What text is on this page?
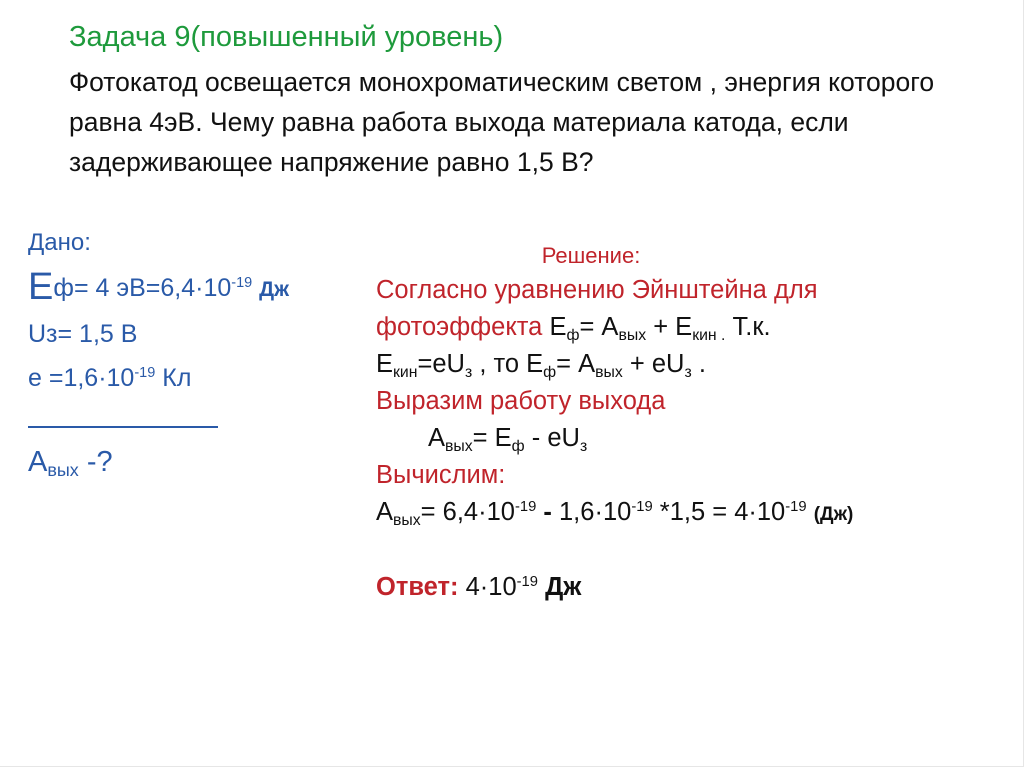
Задача 9(повышенный уровень)
Фотокатод освещается монохроматическим светом , энергия которого равна 4эВ. Чему равна работа выхода материала катода, если задерживающее напряжение равно 1,5 В?
Дано:
Еф= 4 $эВ=6,4\cdot 10^{-19}$ Дж
Uз= 1,5 В
$е =1,6\cdot 10^{-19}$ Кл
$А_{вых}$ -?
Решение:
Согласно уравнению Эйнштейна для
фотоэффекта $Е_ф= А_{вых} + Е_{кин .}$ Т.к.
$Е_{кин}=eU_з$ , то $Е_ф= А_{вых} + eU_з$ .
Выразим работу выхода
$А_{вых}= Е_ф - eU_з$
Вычислим:
$А_{вых}= 6,4\cdot 10^{-19} - 1,6\cdot 10^{-19}$ $*1,5 = 4\cdot 10^{-19}$ (Дж)
Ответ: $4\cdot 10^{-19}$ Дж
